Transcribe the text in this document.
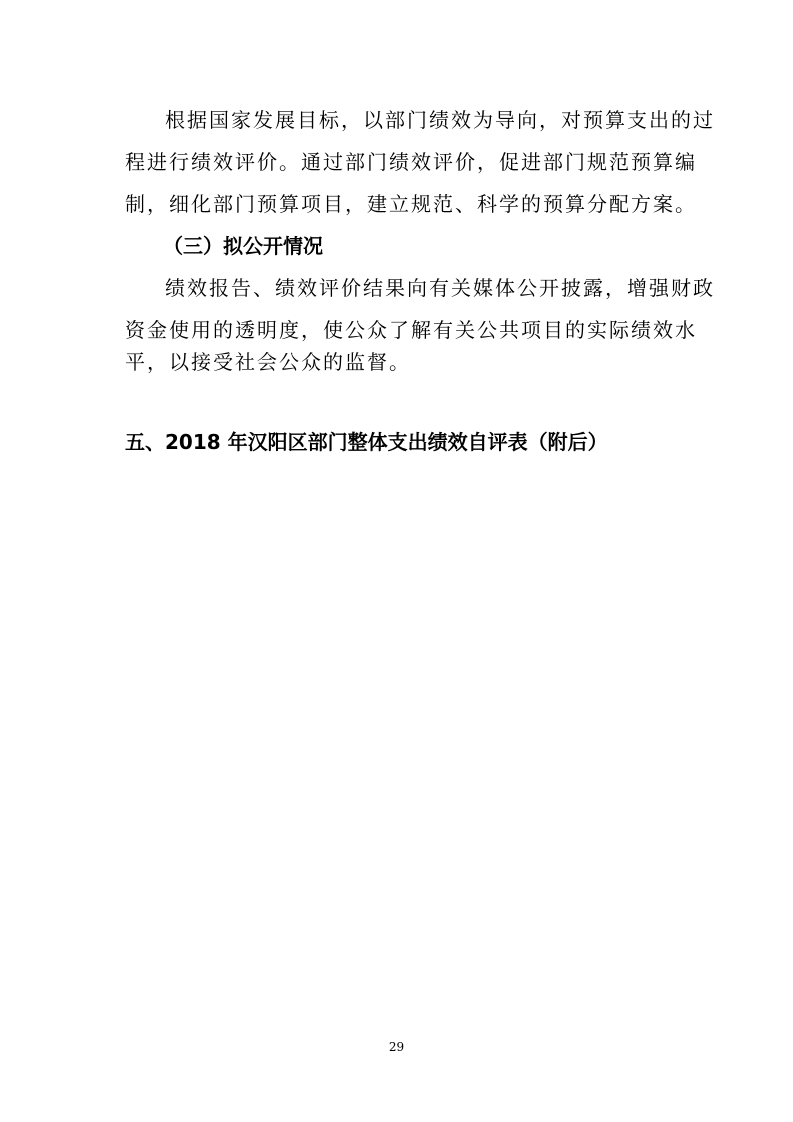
根据国家发展目标，以部门绩效为导向，对预算支出的过
程进行绩效评价。通过部门绩效评价，促进部门规范预算编
制，细化部门预算项目，建立规范、科学的预算分配方案。
（三）拟公开情况
绩效报告、绩效评价结果向有关媒体公开披露，增强财政
资金使用的透明度，使公众了解有关公共项目的实际绩效水
平，以接受社会公众的监督。
五、2018 年汉阳区部门整体支出绩效自评表（附后）
29
